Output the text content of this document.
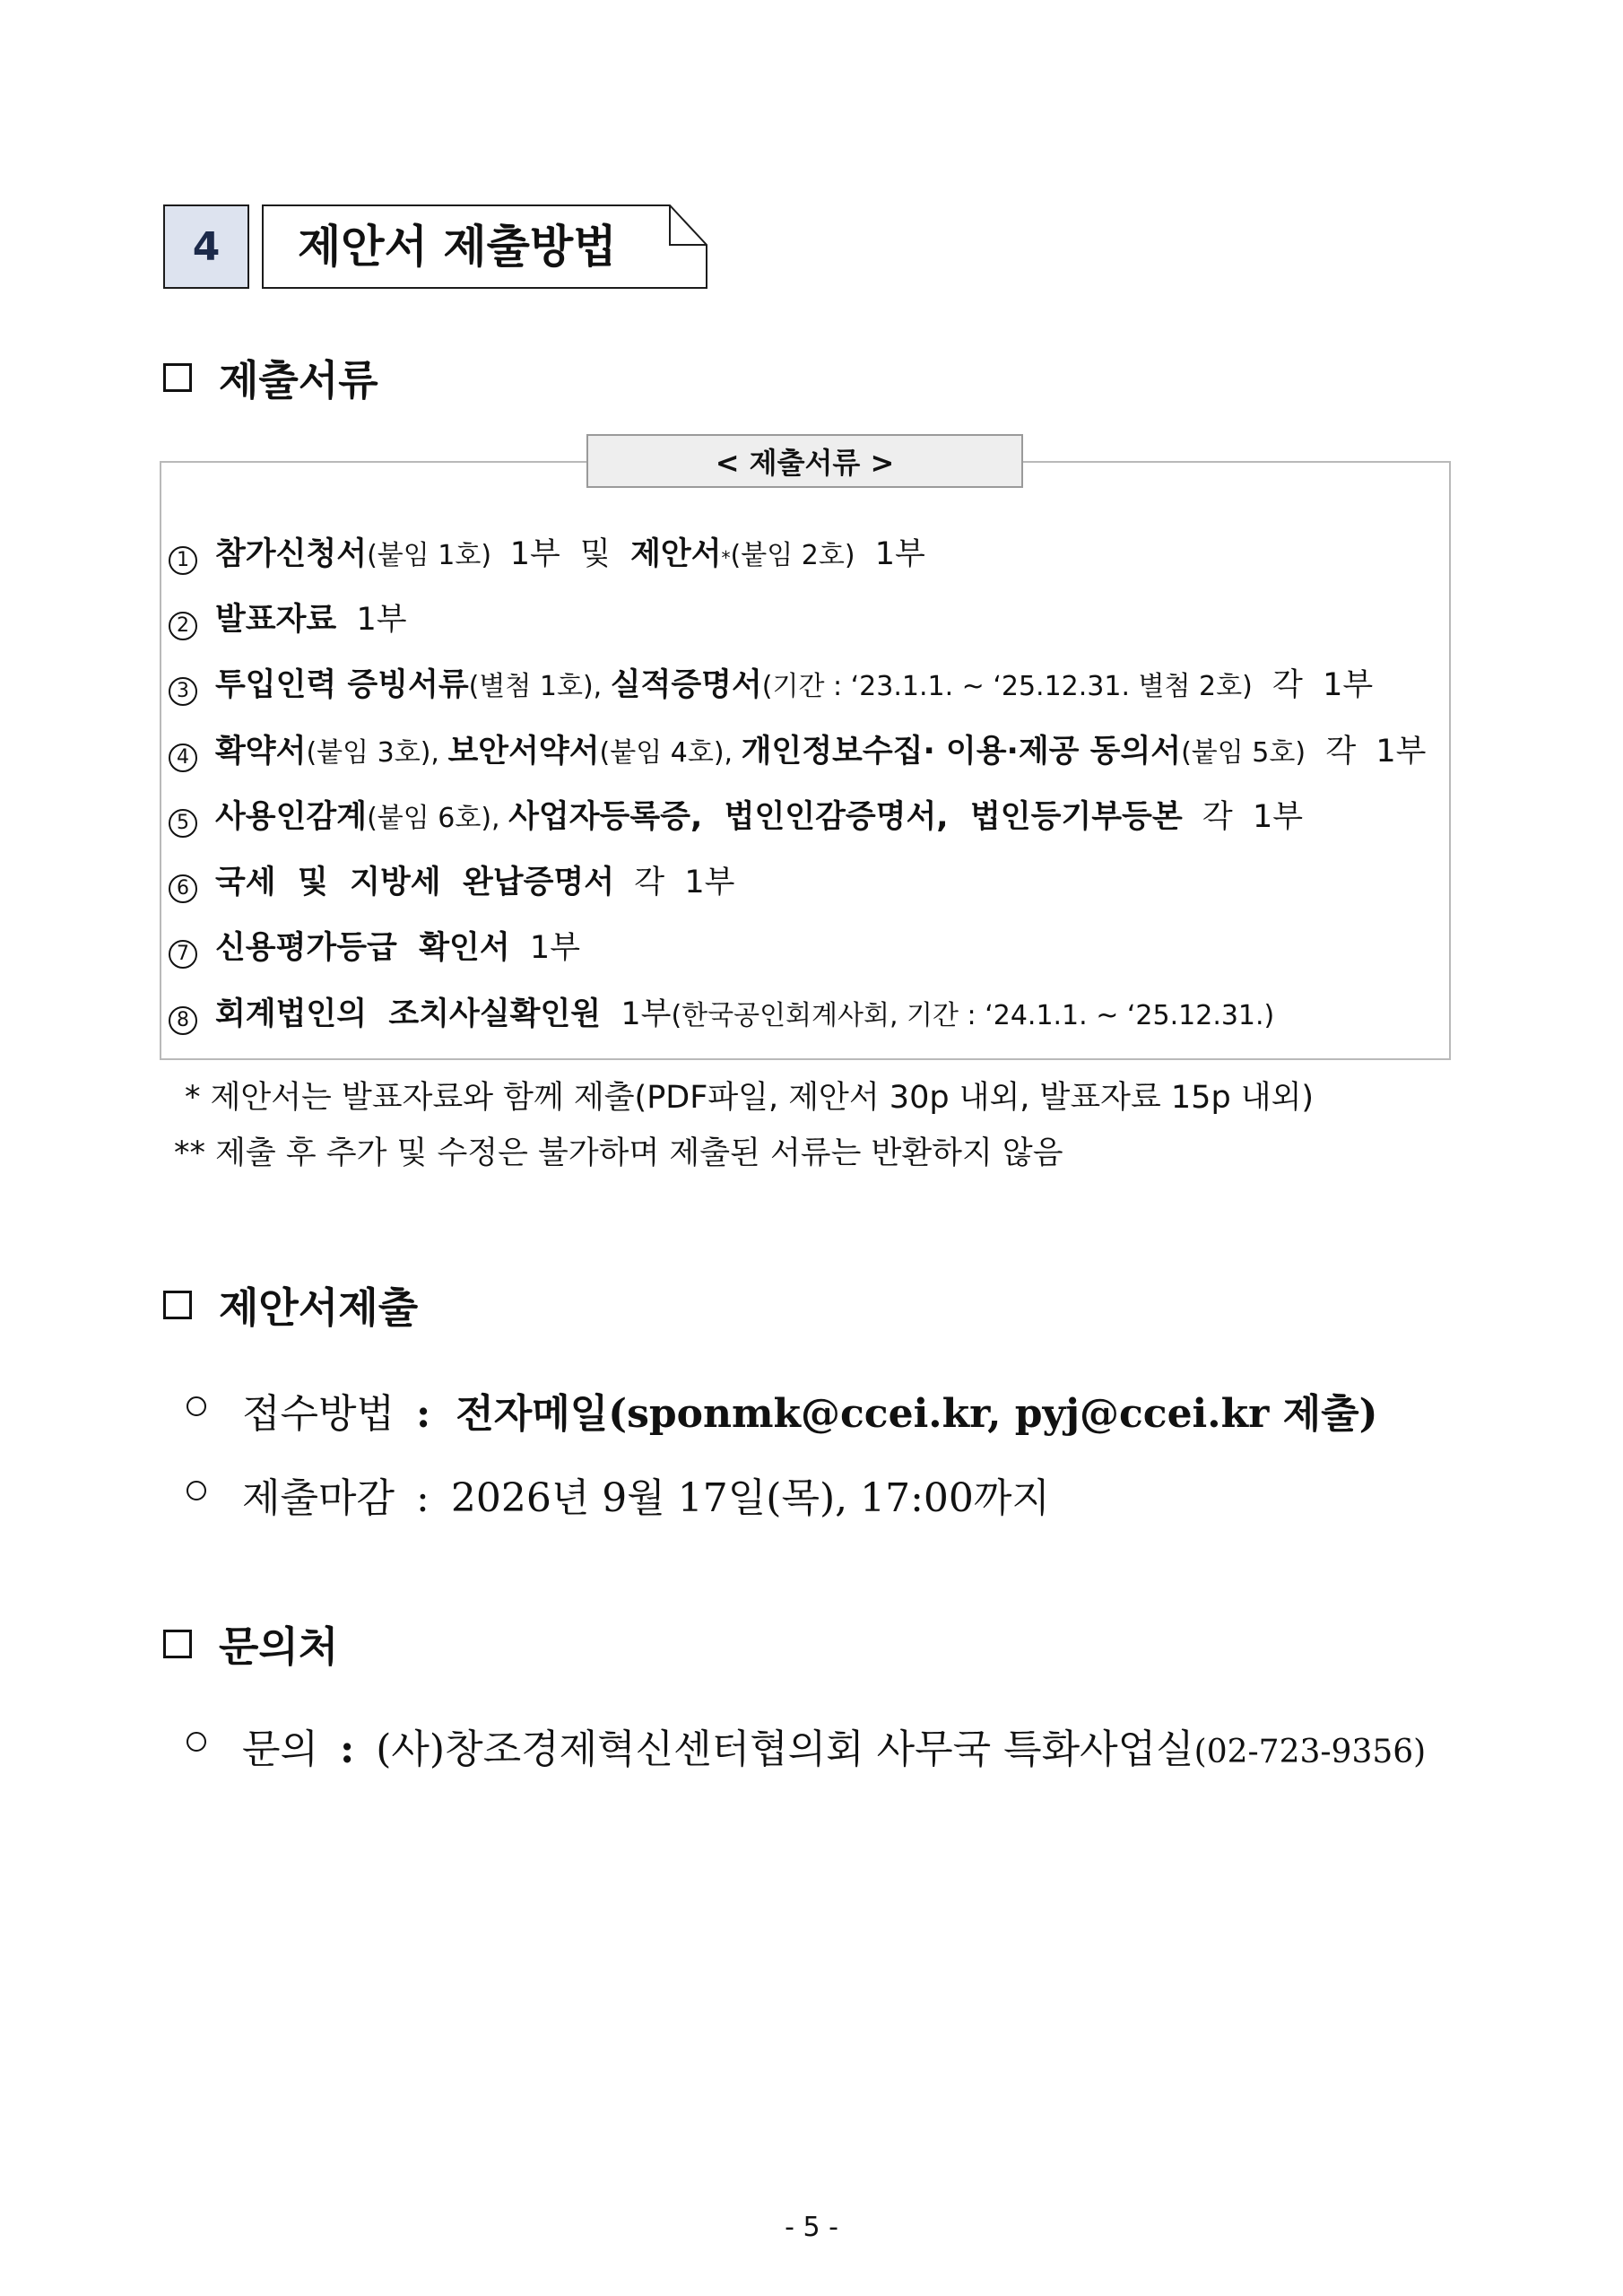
4	제안서 제출방법
제출서류
< 제출서류 >
1 참가신청서 (붙임 1호) 1부  및 제안서 * (붙임 2호) 1부
2 발표자료 1부
3 투입인력 증빙서류 (별첨 1호), 실적증명서 (기간 : ‘23.1.1. ~ ‘25.12.31. 별첨 2호) 각  1부
4 확약서 (붙임 3호), 보안서약서 (붙임 4호), 개인정보수집· 이용·제공 동의서 (붙임 5호) 각  1부
5 사용인감계 (붙임 6호), 사업자등록증,  법인인감증명서,  법인등기부등본 각  1부
6 국세  및  지방세  완납증명서 각  1부
7 신용평가등급  확인서 1부
8 회계법인의  조치사실확인원 1부 (한국공인회계사회, 기간 : ‘24.1.1. ~ ‘25.12.31.)
* 제안서는 발표자료와 함께 제출(PDF파일, 제안서 30p 내외, 발표자료 15p 내외)
** 제출 후 추가 및 수정은 불가하며 제출된 서류는 반환하지 않음
제안서제출
접수방법 : 전자메일(sponmk@ccei.kr, pyj@ccei.kr 제출)
제출마감 : 2026년 9월 17일(목), 17:00까지
문의처
문의 : (사)창조경제혁신센터협의회 사무국 특화사업실 (02-723-9356)
- 5 -
